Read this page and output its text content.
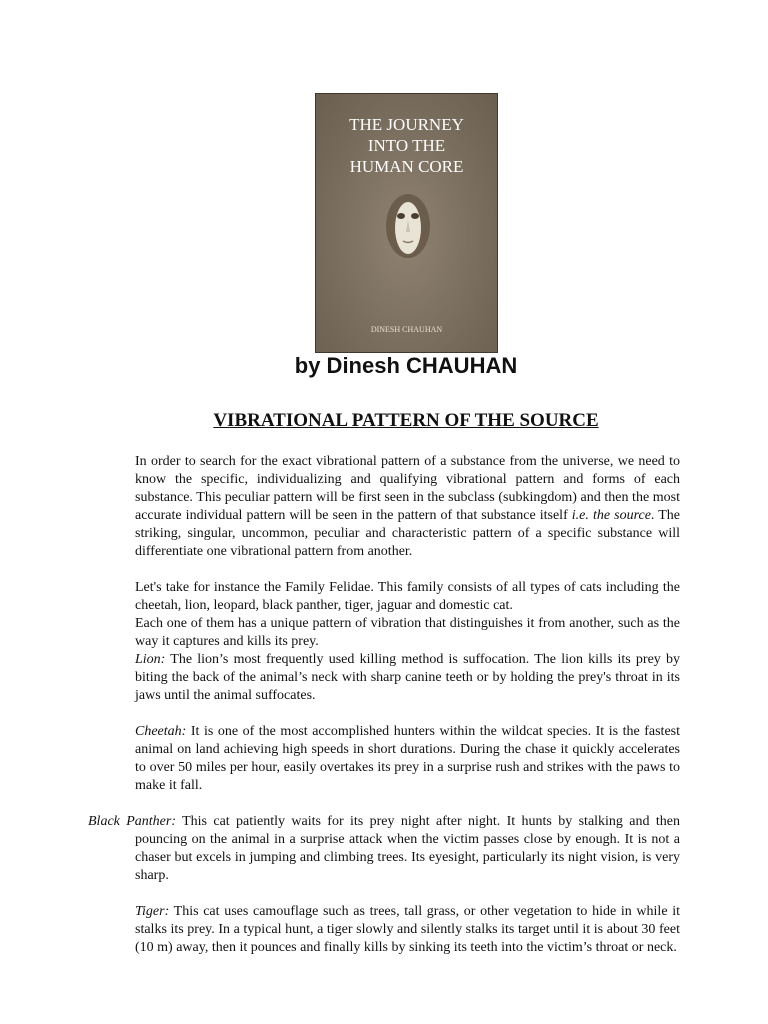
THE JOURNEY
INTO THE
HUMAN CORE
DINESH CHAUHAN
by Dinesh CHAUHAN
VIBRATIONAL PATTERN OF THE SOURCE

In order to search for the exact vibrational pattern of a substance from the universe, we need to know the specific, individualizing and qualifying vibrational pattern and forms of each substance. This peculiar pattern will be first seen in the subclass (subkingdom) and then the most accurate individual pattern will be seen in the pattern of that substance itself i.e. the source. The striking, singular, uncommon, peculiar and characteristic pattern of a specific substance will differentiate one vibrational pattern from another.

Let's take for instance the Family Felidae. This family consists of all types of cats including the cheetah, lion, leopard, black panther, tiger, jaguar and domestic cat.

Each one of them has a unique pattern of vibration that distinguishes it from another, such as the way it captures and kills its prey.

Lion: The lion’s most frequently used killing method is suffocation. The lion kills its prey by biting the back of the animal’s neck with sharp canine teeth or by holding the prey's throat in its jaws until the animal suffocates.

Cheetah: It is one of the most accomplished hunters within the wildcat species. It is the fastest animal on land achieving high speeds in short durations. During the chase it quickly accelerates to over 50 miles per hour, easily overtakes its prey in a surprise rush and strikes with the paws to make it fall.

Black Panther: This cat patiently waits for its prey night after night. It hunts by stalking and then pouncing on the animal in a surprise attack when the victim passes close by enough. It is not a chaser but excels in jumping and climbing trees. Its eyesight, particularly its night vision, is very sharp.

Tiger: This cat uses camouflage such as trees, tall grass, or other vegetation to hide in while it stalks its prey. In a typical hunt, a tiger slowly and silently stalks its target until it is about 30 feet (10 m) away, then it pounces and finally kills by sinking its teeth into the victim’s throat or neck.
